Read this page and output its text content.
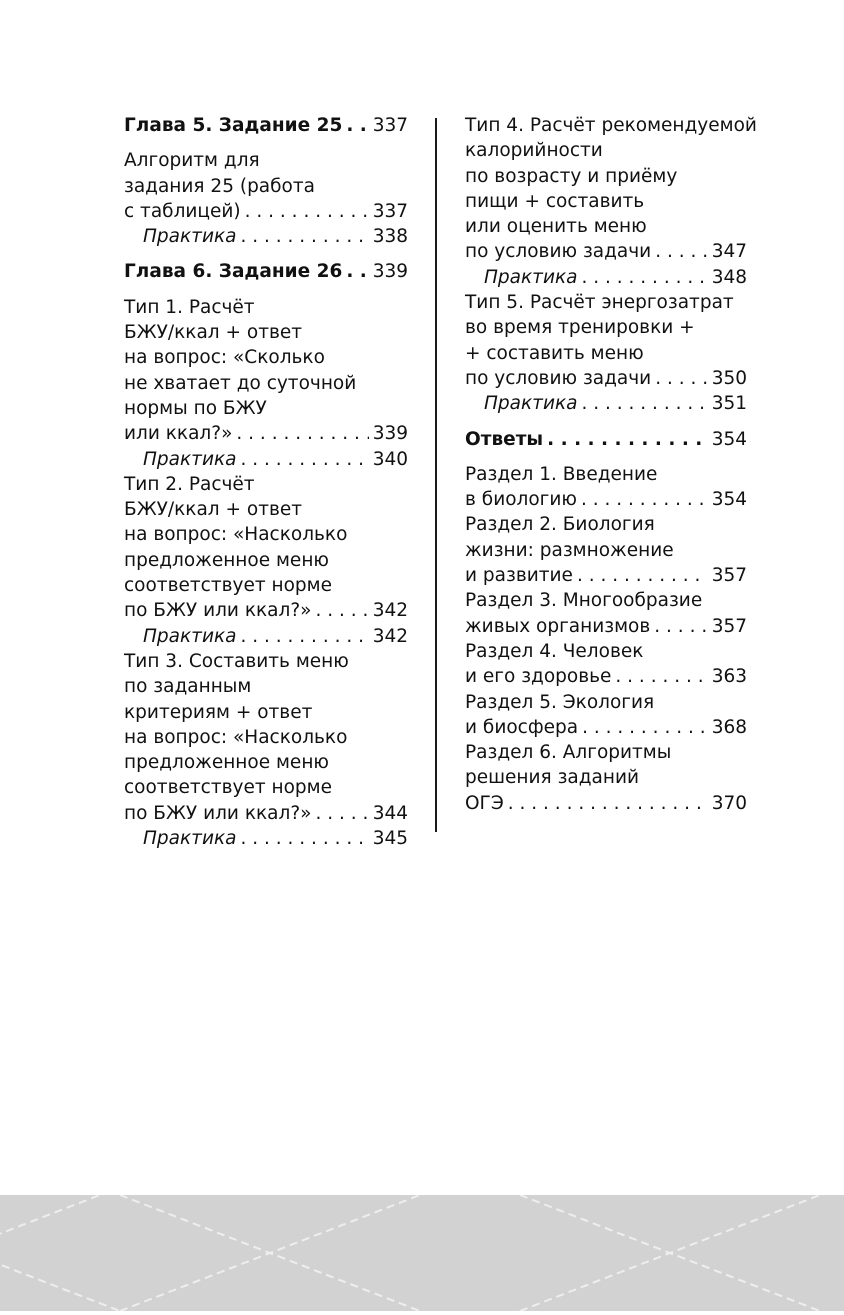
Глава 5. Задание 25 . . . 337
Алгоритм для
задания 25 (работа
с таблицей) . . .	337
Практика . . .	338
Глава 6. Задание 26 . . . 339
Тип 1. Расчёт
БЖУ/ккал + ответ
на вопрос: «Сколько
не хватает до суточной
нормы по БЖУ
или ккал?» . . .	339
Практика . . .	340
Тип 2. Расчёт
БЖУ/ккал + ответ
на вопрос: «Насколько
предложенное меню
соответствует норме
по БЖУ или ккал?» . . .	342
Практика . . .	342
Тип 3. Составить меню
по заданным
критериям + ответ
на вопрос: «Насколько
предложенное меню
соответствует норме
по БЖУ или ккал?» . . .	344
Практика . . .	345
Тип 4. Расчёт рекомендуемой
калорийности
по возрасту и приёму
пищи + составить
или оценить меню
по условию задачи . . .	347
Практика . . .	348
Тип 5. Расчёт энергозатрат
во время тренировки +
+ составить меню
по условию задачи . . .	350
Практика . . .	351
Ответы . . .	354
Раздел 1. Введение
в биологию . . .	354
Раздел 2. Биология
жизни: размножение
и развитие . . .	357
Раздел 3. Многообразие
живых организмов . . .	357
Раздел 4. Человек
и его здоровье . . .	363
Раздел 5. Экология
и биосфера . . .	368
Раздел 6. Алгоритмы
решения заданий
ОГЭ . . .	370
